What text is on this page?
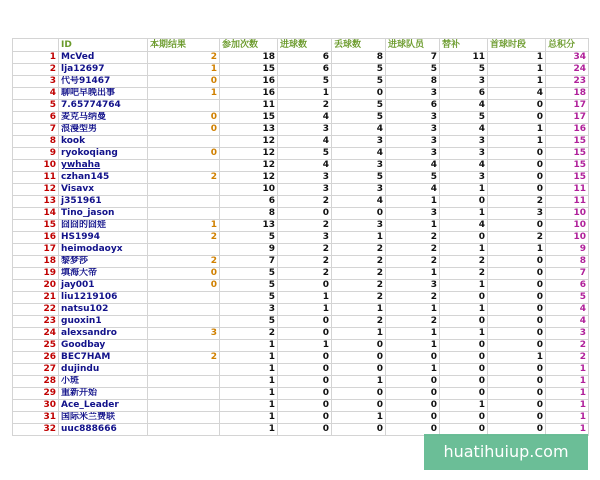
	ID	本期结果	参加次数	进球数	丢球数	进球队员	替补	首球时段	总积分
1	McVed	2	18	6	8	7	11	1	34
2	lja12697	1	15	6	5	5	5	1	24
3	代号91467	0	16	5	5	8	3	1	23
4	聊吧早晚出事	1	16	1	0	3	6	4	18
5	7.65774764		11	2	5	6	4	0	17
6	麦克马纳曼	0	15	4	5	3	5	0	17
7	浪漫型男	0	13	3	4	3	4	1	16
8	kook		12	4	3	3	3	1	15
9	ryokoqiang	0	12	5	4	3	3	0	15
10	ywhaha		12	4	3	4	4	0	15
11	czhan145	2	12	3	5	5	3	0	15
12	Visavx		10	3	3	4	1	0	11
13	j351961		6	2	4	1	0	2	11
14	Tino_jason		8	0	0	3	1	3	10
15	囧囧的囧娃	1	13	2	3	1	4	0	10
16	HS1994	2	5	3	1	2	0	2	10
17	heimodaoyx		9	2	2	2	1	1	9
18	黎梦莎	2	7	2	2	2	2	0	8
19	填海大帝	0	5	2	2	1	2	0	7
20	jay001	0	5	0	2	3	1	0	6
21	liu1219106		5	1	2	2	0	0	5
22	natsu102		3	1	1	1	1	0	4
23	guoxin1		5	0	2	2	0	0	4
24	alexsandro	3	2	0	1	1	1	0	3
25	Goodbay		1	1	0	1	0	0	2
26	BEC7HAM	2	1	0	0	0	0	1	2
27	dujindu		1	0	0	1	0	0	1
28	小斑		1	0	1	0	0	0	1
29	重新开始		1	0	0	0	0	0	1
30	Ace_Leader		1	0	0	0	1	0	1
31	国际米兰费联		1	0	1	0	0	0	1
32	uuc888666		1	0	0	0	0	0	1
huatihuiup.com
